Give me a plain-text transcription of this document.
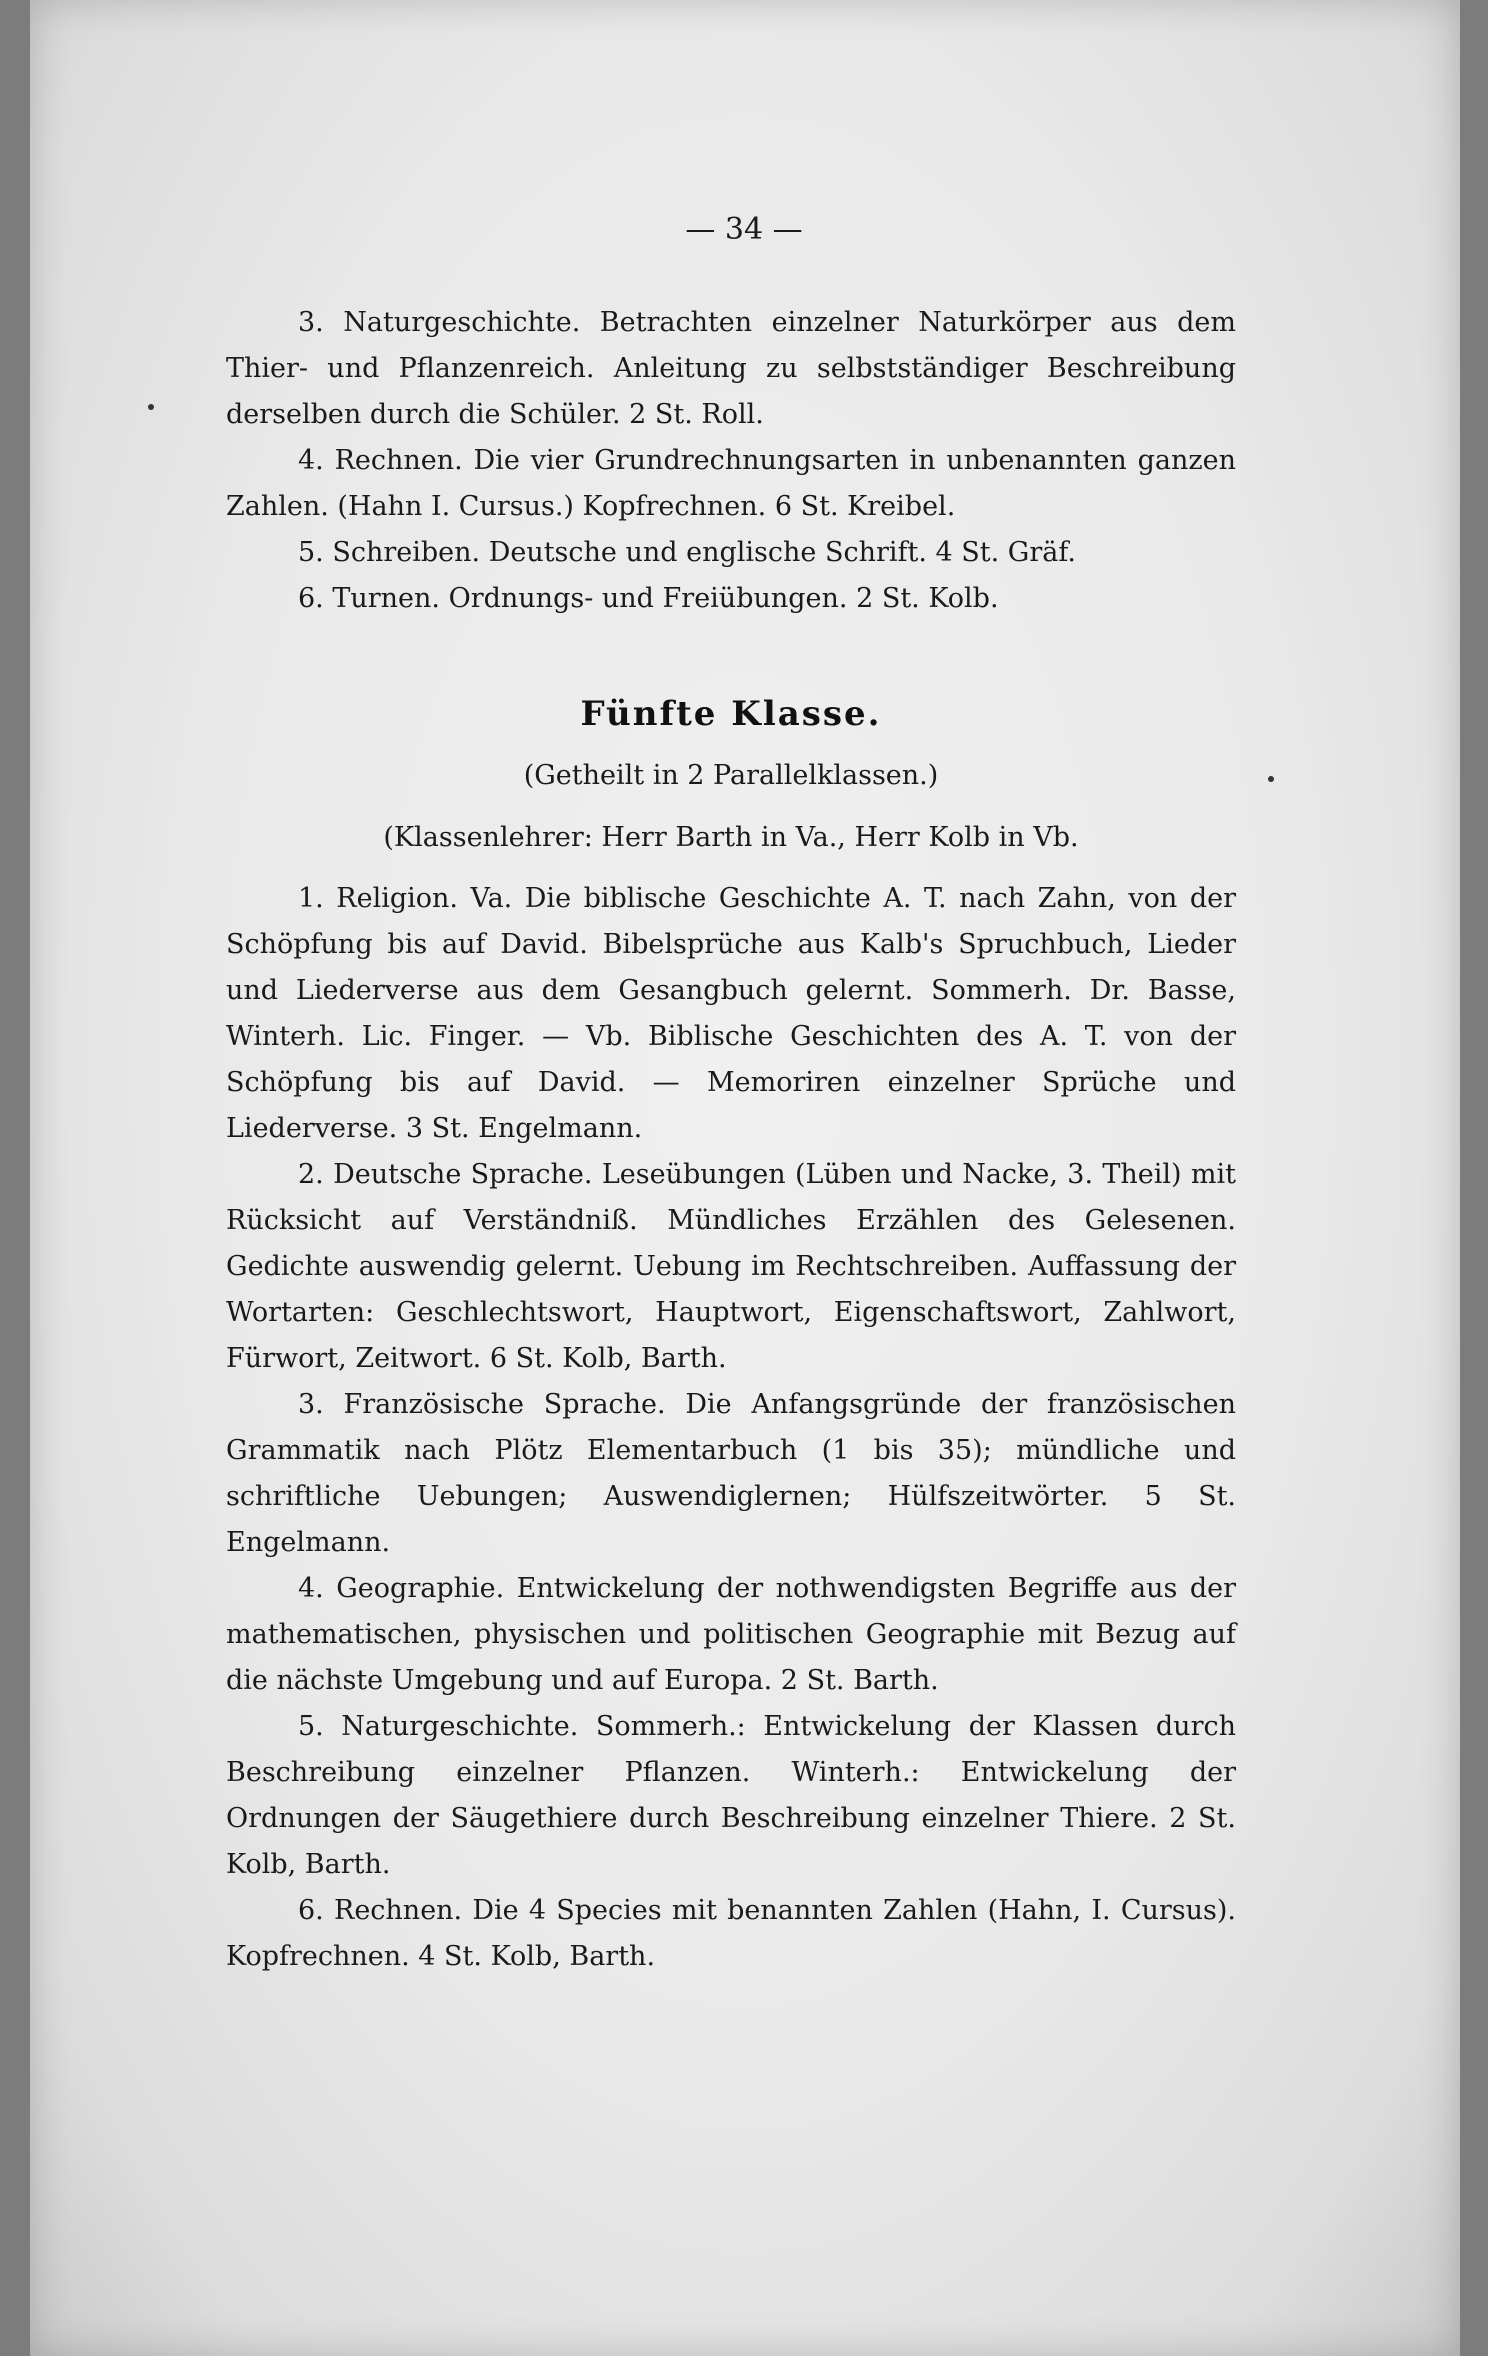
— 34 —

3. Naturgeschichte. Betrachten einzelner Naturkörper aus dem Thier- und Pflanzenreich. Anleitung zu selbstständiger Beschreibung derselben durch die Schüler. 2 St. Roll.

4. Rechnen. Die vier Grundrechnungsarten in unbenannten ganzen Zahlen. (Hahn I. Cursus.) Kopfrechnen. 6 St. Kreibel.

5. Schreiben. Deutsche und englische Schrift. 4 St. Gräf.

6. Turnen. Ordnungs- und Freiübungen. 2 St. Kolb.

Fünfte Klasse.
(Getheilt in 2 Parallelklassen.)
(Klassenlehrer: Herr Barth in Va., Herr Kolb in Vb.

1. Religion. Va. Die biblische Geschichte A. T. nach Zahn, von der Schöpfung bis auf David. Bibelsprüche aus Kalb's Spruchbuch, Lieder und Liederverse aus dem Gesangbuch gelernt. Sommerh. Dr. Basse, Winterh. Lic. Finger. — Vb. Biblische Geschichten des A. T. von der Schöpfung bis auf David. — Memoriren einzelner Sprüche und Liederverse. 3 St. Engelmann.

2. Deutsche Sprache. Leseübungen (Lüben und Nacke, 3. Theil) mit Rücksicht auf Verständniß. Mündliches Erzählen des Gelesenen. Gedichte auswendig gelernt. Uebung im Rechtschreiben. Auffassung der Wortarten: Geschlechtswort, Hauptwort, Eigenschaftswort, Zahlwort, Fürwort, Zeitwort. 6 St. Kolb, Barth.

3. Französische Sprache. Die Anfangsgründe der französischen Grammatik nach Plötz Elementarbuch (1 bis 35); mündliche und schriftliche Uebungen; Auswendiglernen; Hülfszeitwörter. 5 St. Engelmann.

4. Geographie. Entwickelung der nothwendigsten Begriffe aus der mathematischen, physischen und politischen Geographie mit Bezug auf die nächste Umgebung und auf Europa. 2 St. Barth.

5. Naturgeschichte. Sommerh.: Entwickelung der Klassen durch Beschreibung einzelner Pflanzen. Winterh.: Entwickelung der Ordnungen der Säugethiere durch Beschreibung einzelner Thiere. 2 St. Kolb, Barth.

6. Rechnen. Die 4 Species mit benannten Zahlen (Hahn, I. Cursus). Kopfrechnen. 4 St. Kolb, Barth.
